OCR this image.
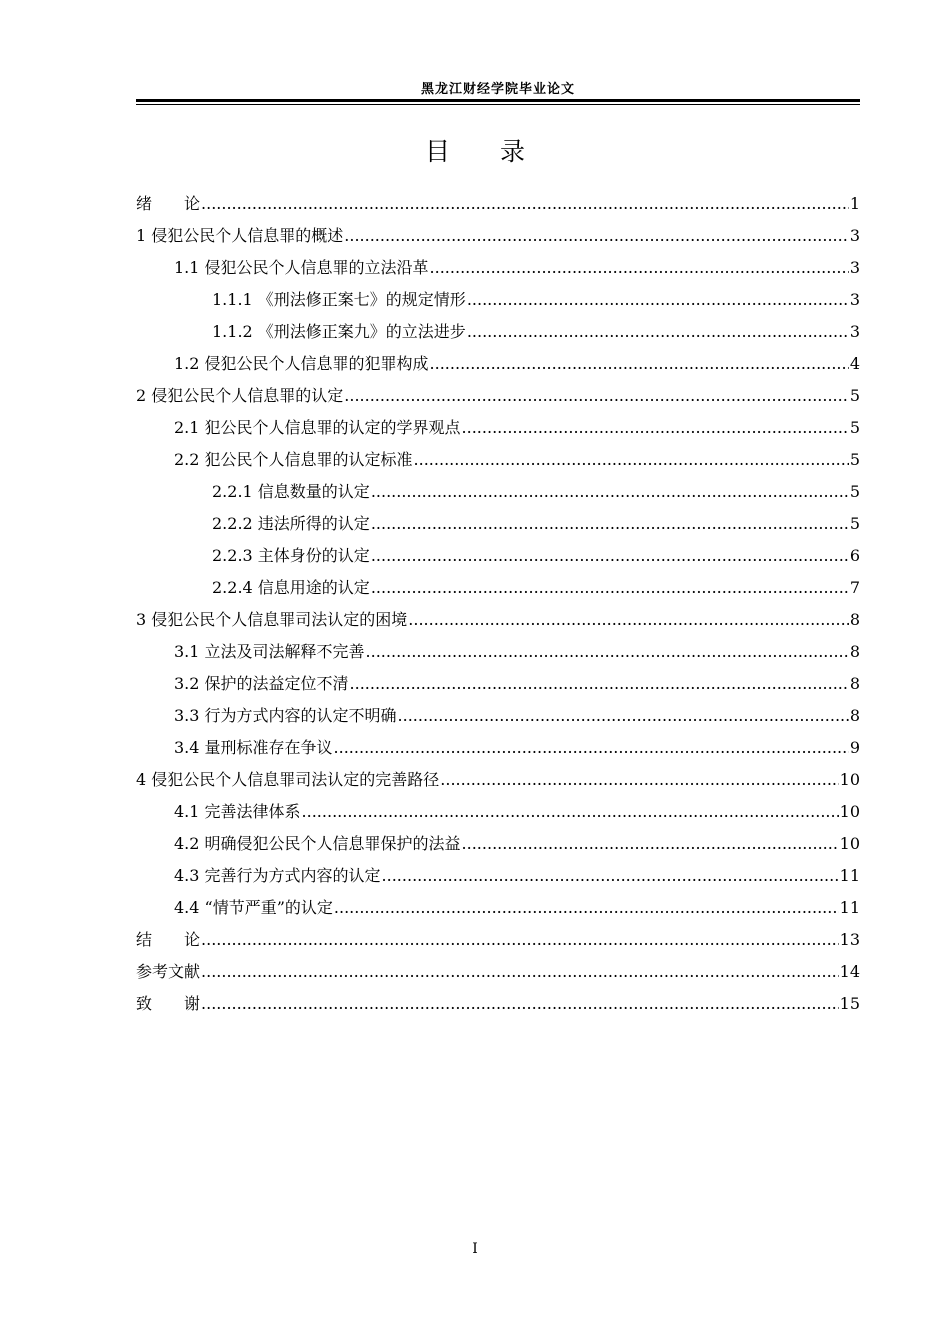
黑龙江财经学院毕业论文
目　　录
绪　　论 .....	1
1 侵犯公民个人信息罪的概述 .....	3
1.1 侵犯公民个人信息罪的立法沿革 .....	3
1.1.1 《刑法修正案七》的规定情形 .....	3
1.1.2 《刑法修正案九》的立法进步 .....	3
1.2 侵犯公民个人信息罪的犯罪构成 .....	4
2 侵犯公民个人信息罪的认定 .....	5
2.1 犯公民个人信息罪的认定的学界观点 .....	5
2.2 犯公民个人信息罪的认定标准 .....	5
2.2.1 信息数量的认定 .....	5
2.2.2 违法所得的认定 .....	5
2.2.3 主体身份的认定 .....	6
2.2.4 信息用途的认定 .....	7
3 侵犯公民个人信息罪司法认定的困境 .....	8
3.1 立法及司法解释不完善 .....	8
3.2 保护的法益定位不清 .....	8
3.3 行为方式内容的认定不明确 .....	8
3.4 量刑标准存在争议 .....	9
4 侵犯公民个人信息罪司法认定的完善路径 .....	10
4.1 完善法律体系 .....	10
4.2 明确侵犯公民个人信息罪保护的法益 .....	10
4.3 完善行为方式内容的认定 .....	11
4.4 “情节严重”的认定 .....	11
结　　论 .....	13
参考文献 .....	14
致　　谢 .....	15
I
